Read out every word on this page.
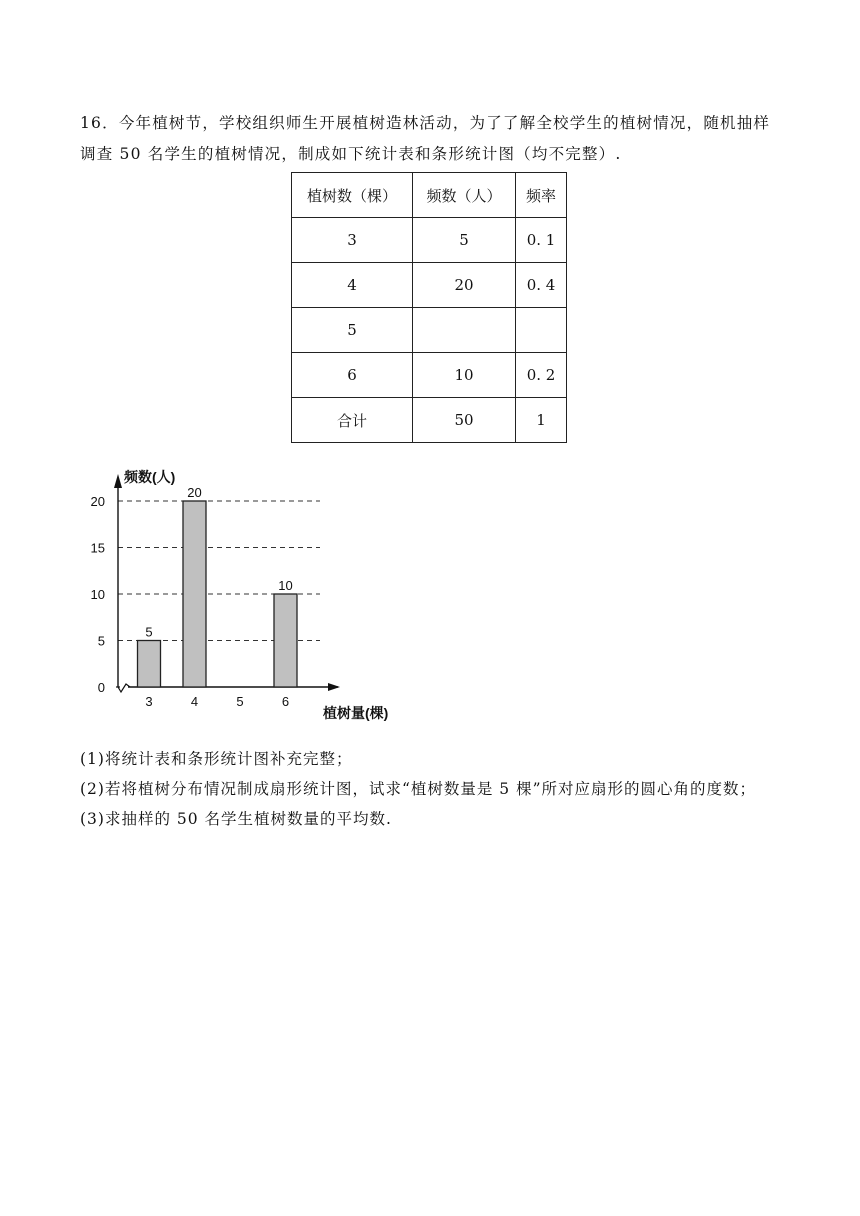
16．今年植树节，学校组织师生开展植树造林活动，为了了解全校学生的植树情况，随机抽样调查 50 名学生的植树情况，制成如下统计表和条形统计图（均不完整）.

植树数（棵）	频数（人）	频率
3	5	0. 1
4	20	0. 4
5		
6	10	0. 2
合计	50	1
0
5
10
15
20
频数(人)
植树量(棵)
5
3
20
4	5
10
6

(1)将统计表和条形统计图补充完整；

(2)若将植树分布情况制成扇形统计图，试求“植树数量是 5 棵”所对应扇形的圆心角的度数；

(3)求抽样的 50 名学生植树数量的平均数.
